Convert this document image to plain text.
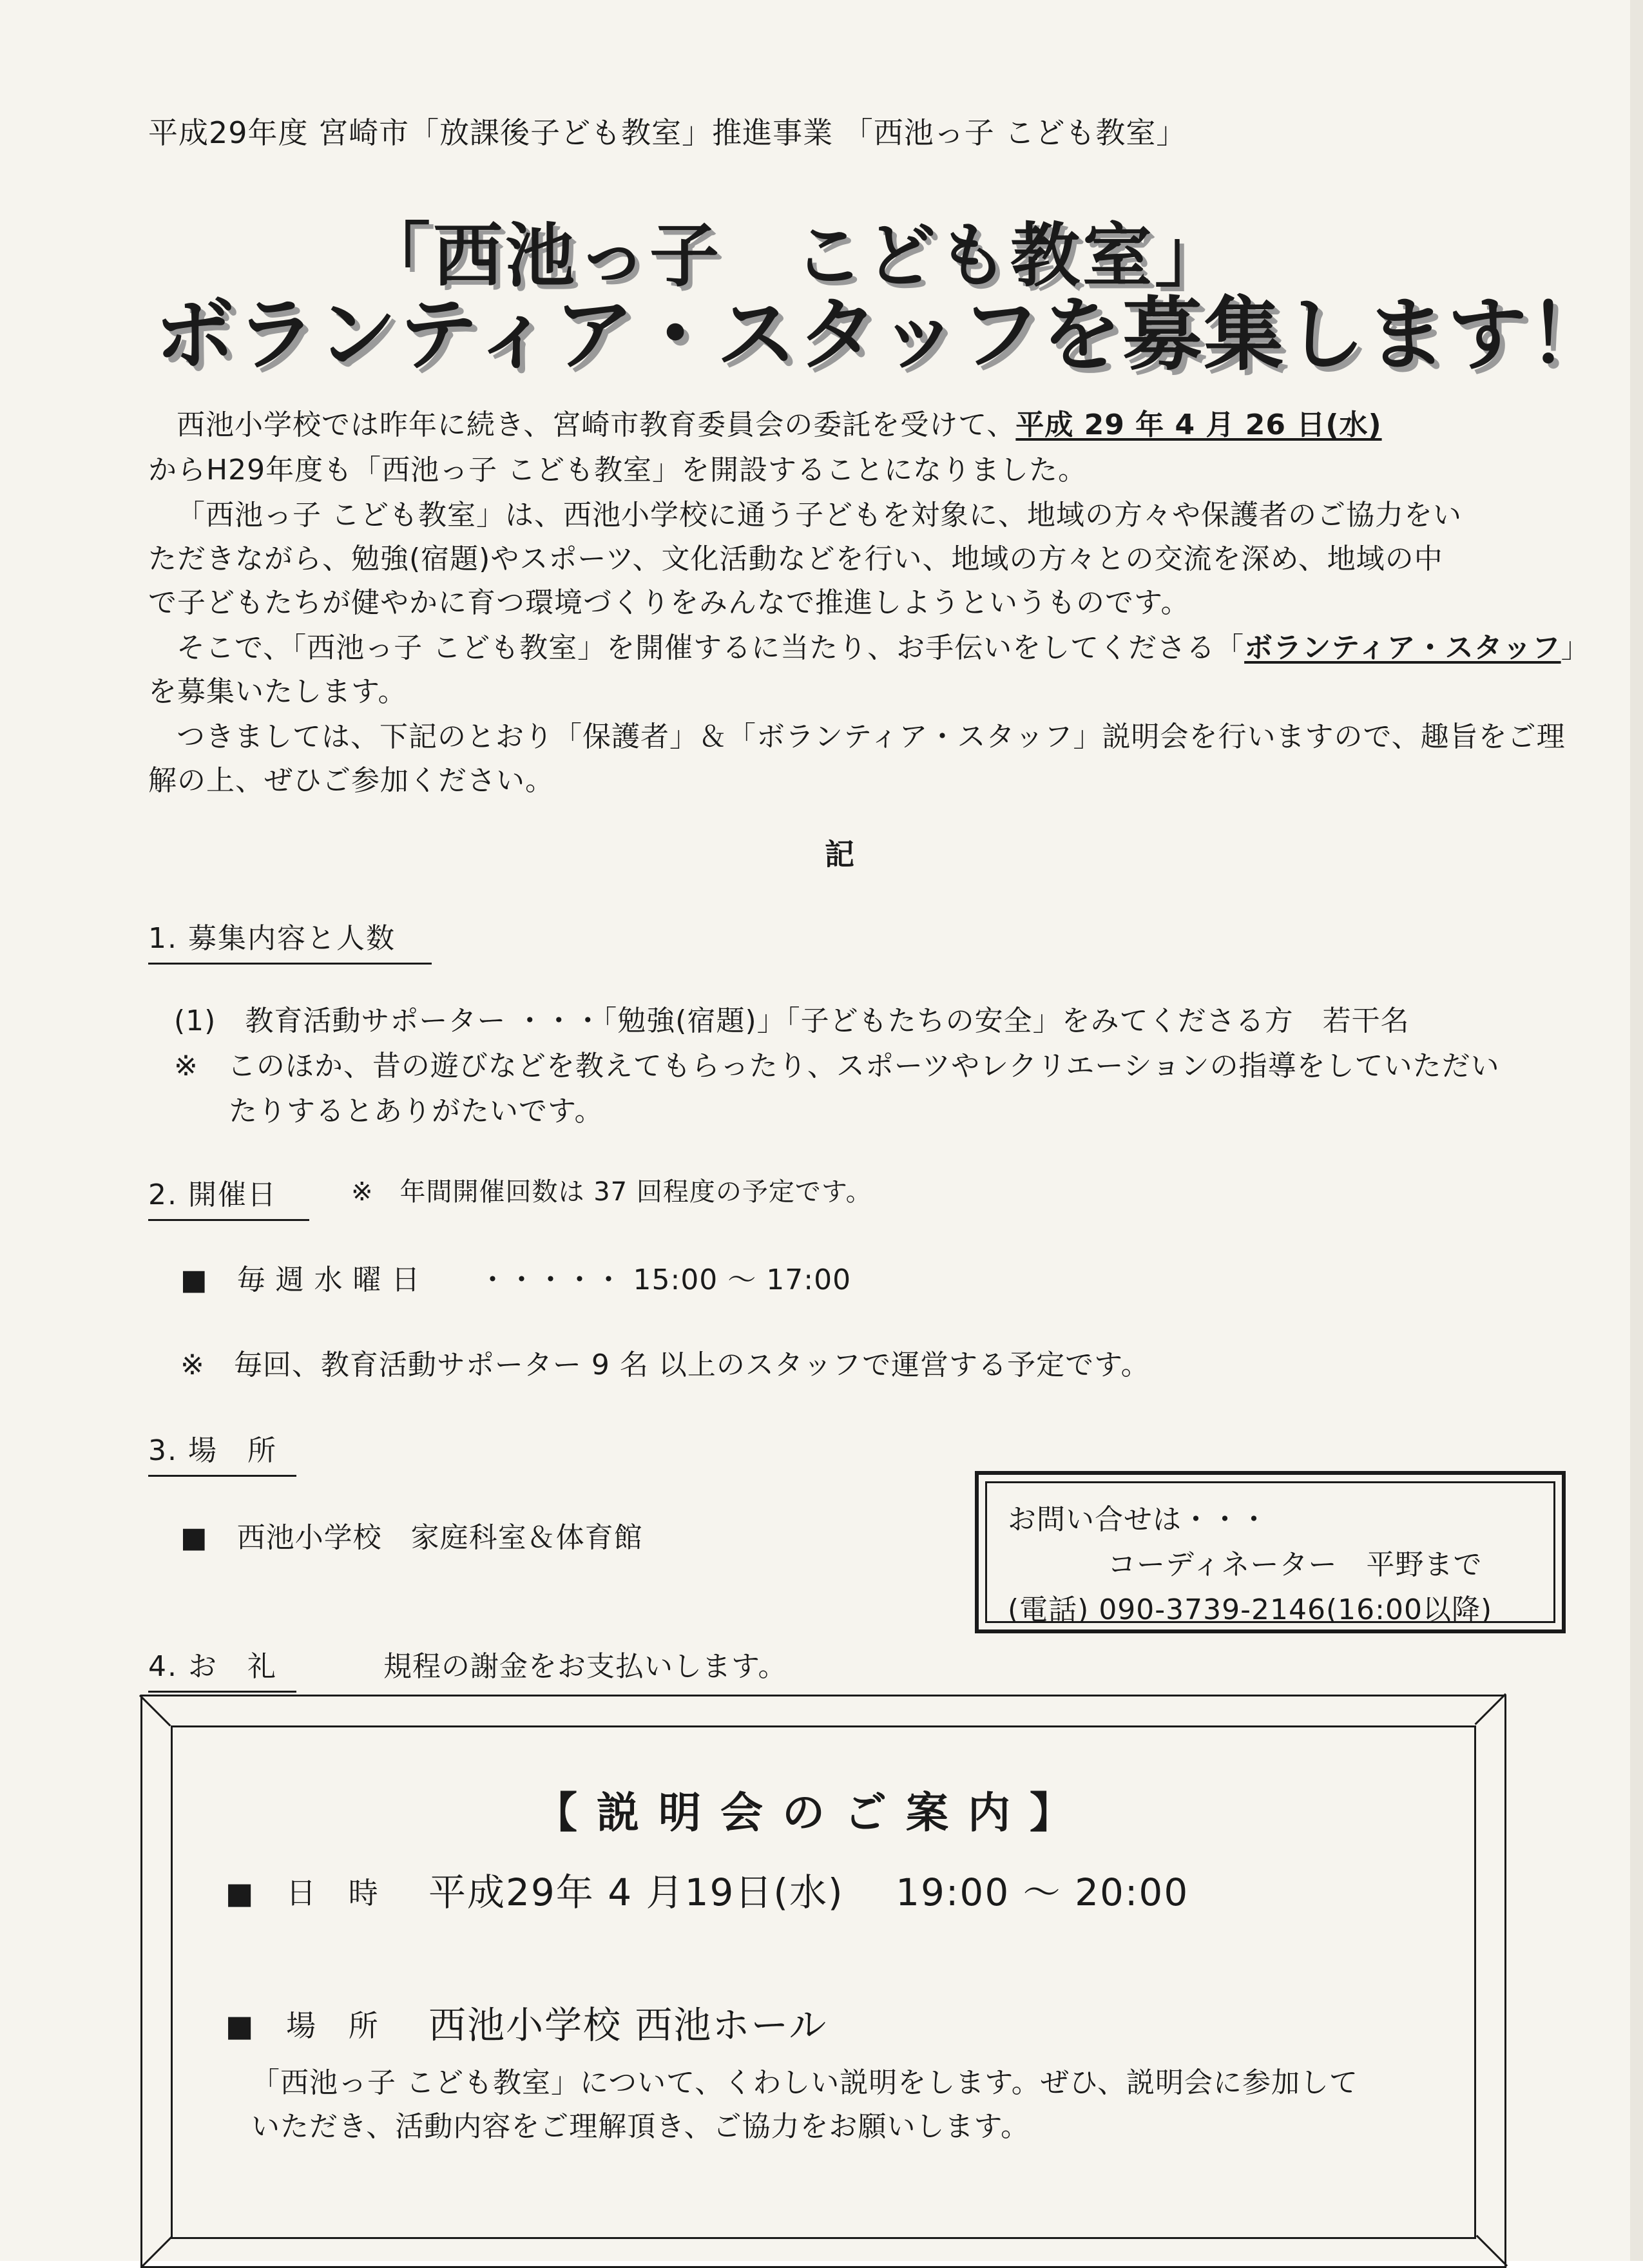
平成29年度 宮崎市「放課後子ども教室」推進事業 「西池っ子 こども教室」
「西池っ子　こども教室」
ボランティア・スタッフを募集します！
西池小学校では昨年に続き、宮崎市教育委員会の委託を受けて、平成 29 年 4 月 26 日(水)
からH29年度も「西池っ子 こども教室」を開設することになりました。
「西池っ子 こども教室」は、西池小学校に通う子どもを対象に、地域の方々や保護者のご協力をい
ただきながら、勉強(宿題)やスポーツ、文化活動などを行い、地域の方々との交流を深め、地域の中
で子どもたちが健やかに育つ環境づくりをみんなで推進しようというものです。
そこで、「西池っ子 こども教室」を開催するに当たり、お手伝いをしてくださる「ボランティア・スタッフ」
を募集いたします。
つきましては、下記のとおり「保護者」＆「ボランティア・スタッフ」説明会を行いますので、趣旨をご理
解の上、ぜひご参加ください。
記
1. 募集内容と人数
(1)　教育活動サポーター ・・・「勉強(宿題)」「子どもたちの安全」をみてくださる方　若干名
※　このほか、昔の遊びなどを教えてもらったり、スポーツやレクリエーションの指導をしていただい
たりするとありがたいです。
2. 開催日	※　年間開催回数は 37 回程度の予定です。
■　毎 週 水 曜 日　　・・・・・ 15:00 ～ 17:00
※　毎回、教育活動サポーター 9 名 以上のスタッフで運営する予定です。
3. 場　所
■　西池小学校　家庭科室＆体育館
お問い合せは・・・
コーディネーター　平野まで
(電話) 090-3739-2146(16:00以降)
4. お　礼	規程の謝金をお支払いします。
【説明会のご案内】
■ 日 時 平成29年 4 月19日(水)　 19:00 ～ 20:00
■ 場 所 西池小学校 西池ホール
「西池っ子 こども教室」について、くわしい説明をします。ぜひ、説明会に参加して
いただき、活動内容をご理解頂き、ご協力をお願いします。
